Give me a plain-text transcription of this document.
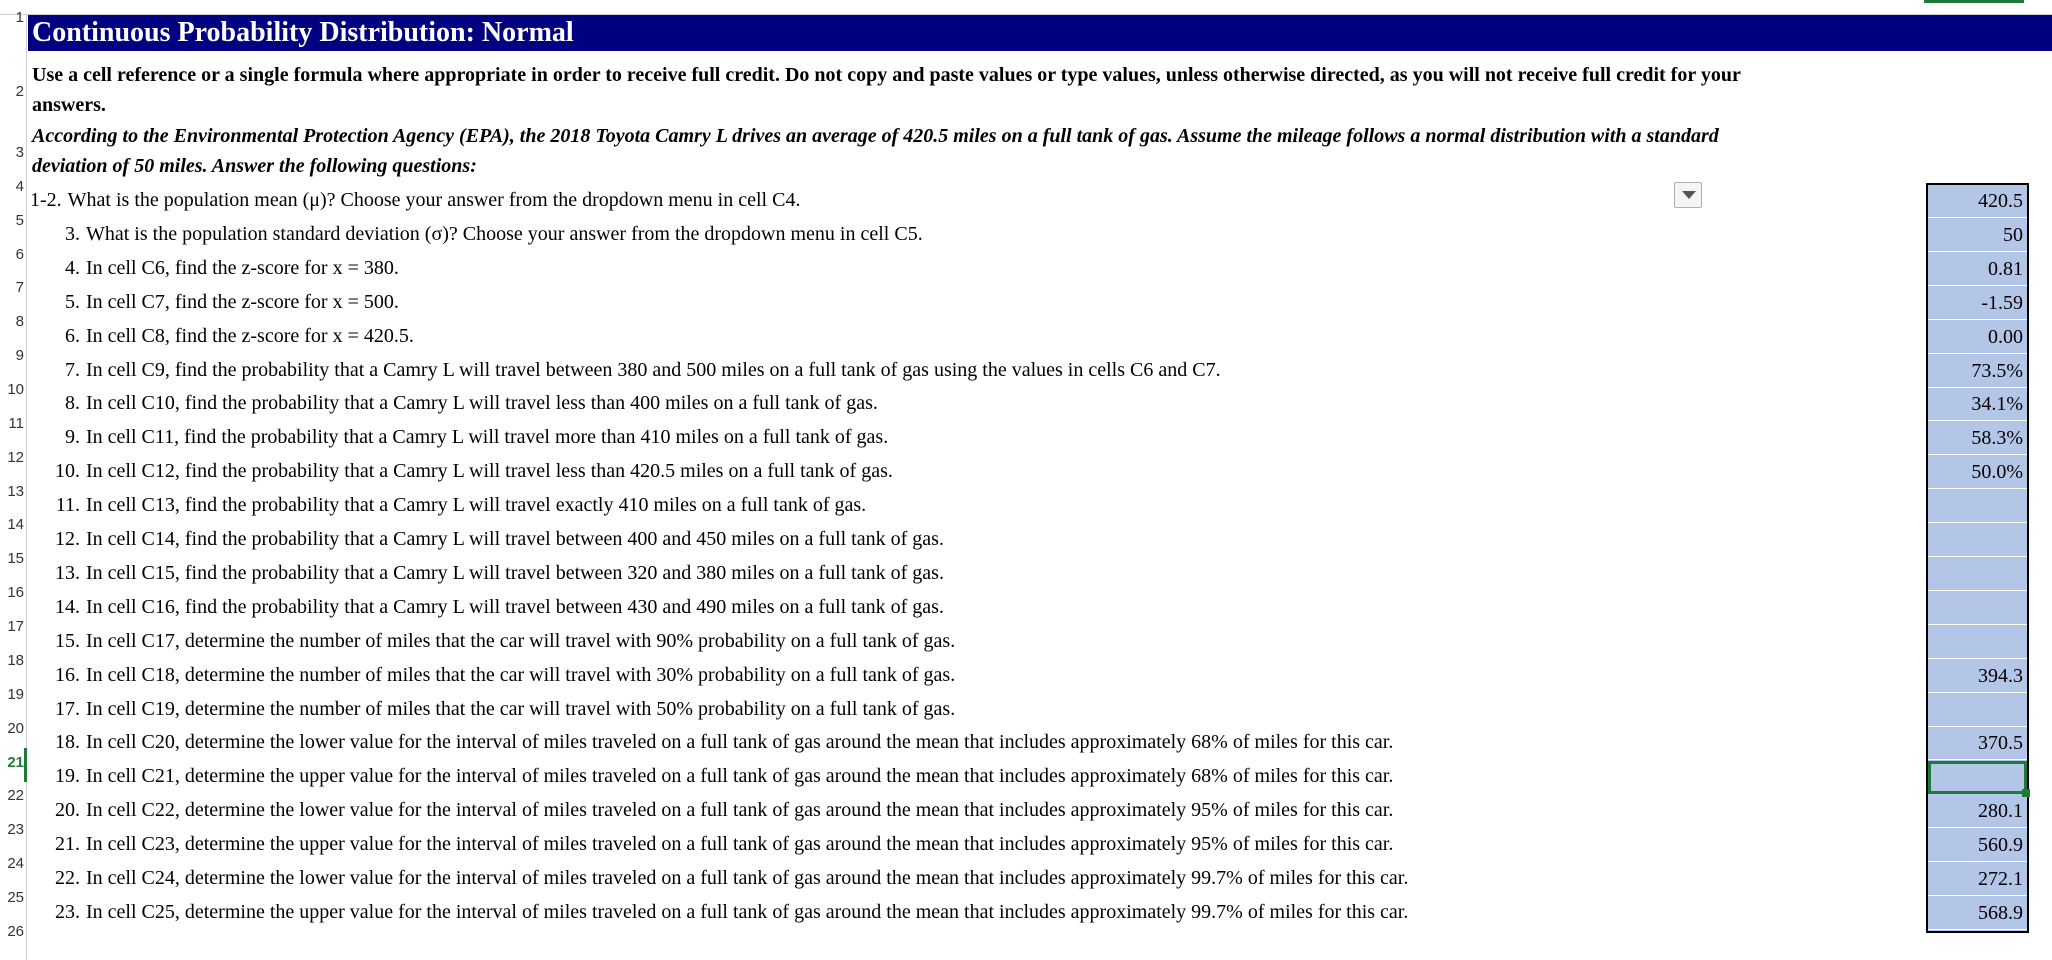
Continuous Probability Distribution: Normal
Use a cell reference or a single formula where appropriate in order to receive full credit. Do not copy and paste values or type values, unless otherwise directed, as you will not receive full credit for your
answers.
According to the Environmental Protection Agency (EPA), the 2018 Toyota Camry L drives an average of 420.5 miles on a full tank of gas. Assume the mileage follows a normal distribution with a standard
deviation of 50 miles. Answer the following questions:
1-2. What is the population mean (μ)? Choose your answer from the dropdown menu in cell C4.
3. What is the population standard deviation (σ)? Choose your answer from the dropdown menu in cell C5.
4. In cell C6, find the z-score for x = 380.
5. In cell C7, find the z-score for x = 500.
6. In cell C8, find the z-score for x = 420.5.
7. In cell C9, find the probability that a Camry L will travel between 380 and 500 miles on a full tank of gas using the values in cells C6 and C7.
8. In cell C10, find the probability that a Camry L will travel less than 400 miles on a full tank of gas.
9. In cell C11, find the probability that a Camry L will travel more than 410 miles on a full tank of gas.
10. In cell C12, find the probability that a Camry L will travel less than 420.5 miles on a full tank of gas.
11. In cell C13, find the probability that a Camry L will travel exactly 410 miles on a full tank of gas.
12. In cell C14, find the probability that a Camry L will travel between 400 and 450 miles on a full tank of gas.
13. In cell C15, find the probability that a Camry L will travel between 320 and 380 miles on a full tank of gas.
14. In cell C16, find the probability that a Camry L will travel between 430 and 490 miles on a full tank of gas.
15. In cell C17, determine the number of miles that the car will travel with 90% probability on a full tank of gas.
16. In cell C18, determine the number of miles that the car will travel with 30% probability on a full tank of gas.
17. In cell C19, determine the number of miles that the car will travel with 50% probability on a full tank of gas.
18. In cell C20, determine the lower value for the interval of miles traveled on a full tank of gas around the mean that includes approximately 68% of miles for this car.
19. In cell C21, determine the upper value for the interval of miles traveled on a full tank of gas around the mean that includes approximately 68% of miles for this car.
20. In cell C22, determine the lower value for the interval of miles traveled on a full tank of gas around the mean that includes approximately 95% of miles for this car.
21. In cell C23, determine the upper value for the interval of miles traveled on a full tank of gas around the mean that includes approximately 95% of miles for this car.
22. In cell C24, determine the lower value for the interval of miles traveled on a full tank of gas around the mean that includes approximately 99.7% of miles for this car.
23. In cell C25, determine the upper value for the interval of miles traveled on a full tank of gas around the mean that includes approximately 99.7% of miles for this car.
420.5
50
0.81
-1.59
0.00
73.5%
34.1%
58.3%
50.0%
394.3
370.5
280.1
560.9
272.1
568.9
1
2
3
4
5
6
7
8
9
10
11
12
13
14
15
16
17
18
19
20
21
22
23
24
25
26
